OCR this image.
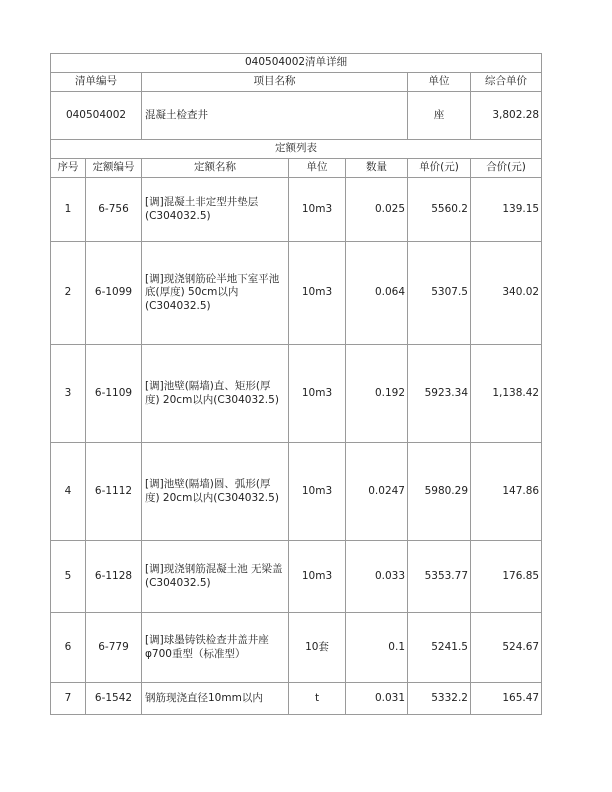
040504002清单详细						
清单编号		项目名称			单位	综合单价
040504002		混凝土检查井			座	3,802.28
定额列表						
序号	定额编号	定额名称	单位	数量	单价(元)	合价(元)
1	6-756	[调]混凝土非定型井垫层(C304032.5)	10m3	0.025	5560.2	139.15
2	6-1099	[调]现浇钢筋砼半地下室平池底(厚度) 50cm以内(C304032.5)	10m3	0.064	5307.5	340.02
3	6-1109	[调]池壁(隔墙)直、矩形(厚度) 20cm以内(C304032.5)	10m3	0.192	5923.34	1,138.42
4	6-1112	[调]池壁(隔墙)圆、弧形(厚度) 20cm以内(C304032.5)	10m3	0.0247	5980.29	147.86
5	6-1128	[调]现浇钢筋混凝土池 无梁盖(C304032.5)	10m3	0.033	5353.77	176.85
6	6-779	[调]球墨铸铁检查井盖井座φ700重型（标准型）	10套	0.1	5241.5	524.67
7	6-1542	钢筋现浇直径10mm以内	t	0.031	5332.2	165.47
